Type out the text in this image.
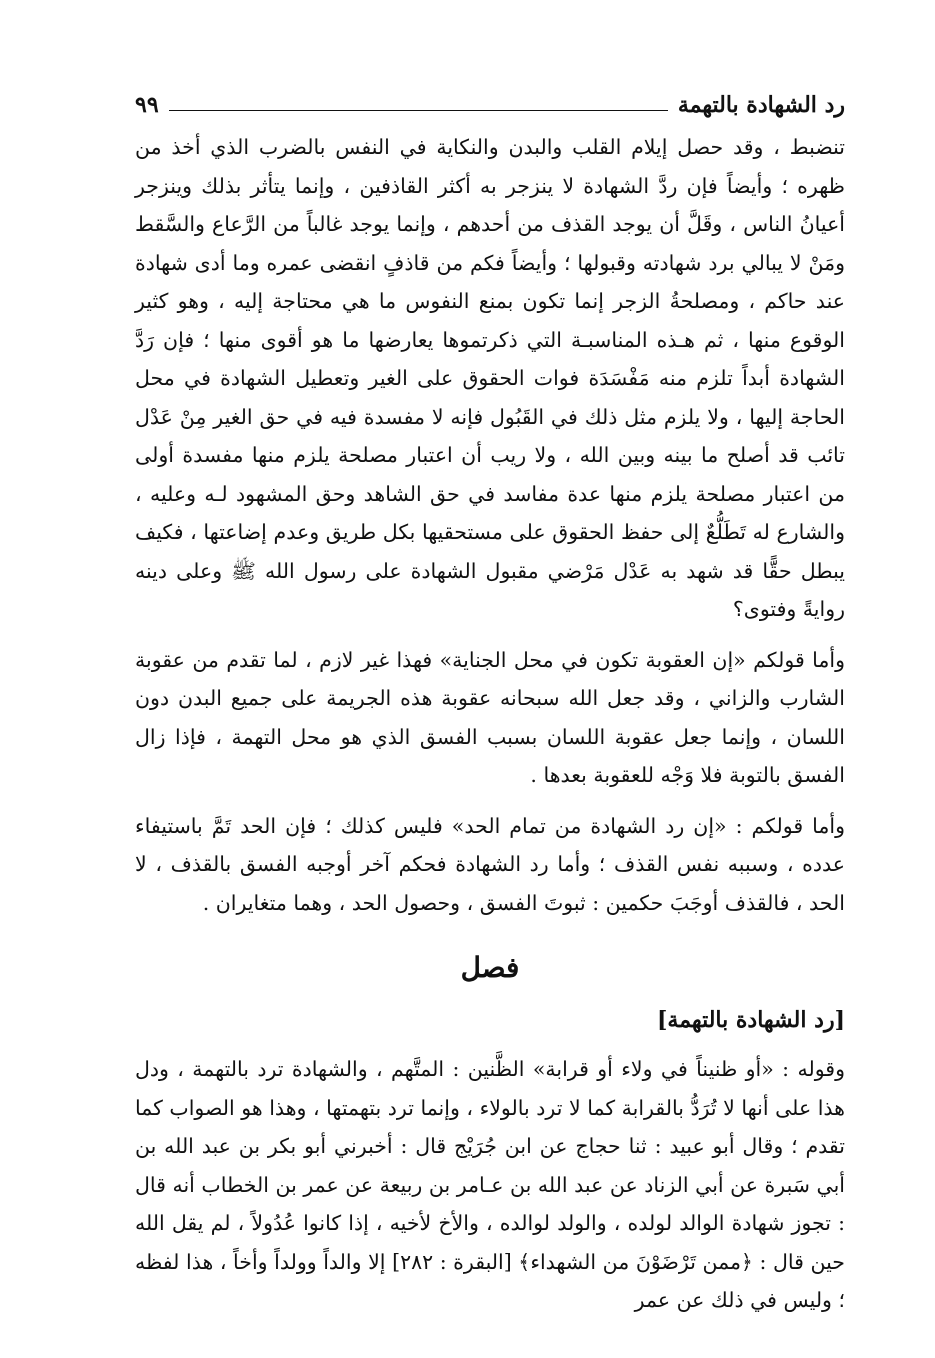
رد الشهادة بالتهمة
٩٩

تنضبط ، وقد حصل إيلام القلب والبدن والنكاية في النفس بالضرب الذي أخذ من ظهره ؛ وأيضاً فإن ردَّ الشهادة لا ينزجر به أكثر القاذفين ، وإنما يتأثر بذلك وينزجر أعيانُ الناس ، وقَلَّ أن يوجد القذف من أحدهم ، وإنما يوجد غالباً من الرَّعاع والسَّقط ومَنْ لا يبالي برد شهادته وقبولها ؛ وأيضاً فكم من قاذفٍ انقضى عمره وما أدى شهادة عند حاكم ، ومصلحةُ الزجر إنما تكون بمنع النفوس ما هي محتاجة إليه ، وهو كثير الوقوع منها ، ثم هـذه المناسبـة التي ذكرتموها يعارضها ما هو أقوى منها ؛ فإن رَدَّ الشهادة أبداً تلزم منه مَفْسَدَة فوات الحقوق على الغير وتعطيل الشهادة في محل الحاجة إليها ، ولا يلزم مثل ذلك في القَبُول فإنه لا مفسدة فيه في حق الغير مِنْ عَدْل تائب قد أصلح ما بينه وبين الله ، ولا ريب أن اعتبار مصلحة يلزم منها مفسدة أولى من اعتبار مصلحة يلزم منها عدة مفاسد في حق الشاهد وحق المشهود لـه وعليه ، والشارع له تَطَلُّعٌ إلى حفظ الحقوق على مستحقيها بكل طريق وعدم إضاعتها ، فكيف يبطل حقًّا قد شهد به عَدْل مَرْضي مقبول الشهادة على رسول الله ﷺ وعلى دينه روايةً وفتوى؟

وأما قولكم «إن العقوبة تكون في محل الجناية» فهذا غير لازم ، لما تقدم من عقوبة الشارب والزاني ، وقد جعل الله سبحانه عقوبة هذه الجريمة على جميع البدن دون اللسان ، وإنما جعل عقوبة اللسان بسبب الفسق الذي هو محل التهمة ، فإذا زال الفسق بالتوبة فلا وَجْه للعقوبة بعدها .

وأما قولكم : «إن رد الشهادة من تمام الحد» فليس كذلك ؛ فإن الحد تَمَّ باستيفاء عدده ، وسببه نفس القذف ؛ وأما رد الشهادة فحكم آخر أوجبه الفسق بالقذف ، لا الحد ، فالقذف أوجَبَ حكمين : ثبوتَ الفسق ، وحصول الحد ، وهما متغايران .

فصل
[رد الشهادة بالتهمة]

وقوله : «أو ظنيناً في ولاء أو قرابة» الظَّنين : المتَّهم ، والشهادة ترد بالتهمة ، ودل هذا على أنها لا تُرَدُّ بالقرابة كما لا ترد بالولاء ، وإنما ترد بتهمتها ، وهذا هو الصواب كما تقدم ؛ وقال أبو عبيد : ثنا حجاج عن ابن جُرَيْج قال : أخبرني أبو بكر بن عبد الله بن أبي سَبرة عن أبي الزناد عن عبد الله بن عـامر بن ربيعة عن عمر بن الخطاب أنه قال : تجوز شهادة الوالد لولده ، والولد لوالده ، والأخ لأخيه ، إذا كانوا عُدُولاً ، لم يقل الله حين قال : ﴿ممن تَرْضَوْنَ من الشهداء﴾ [البقرة : ٢٨٢] إلا والداً وولداً وأخاً ، هذا لفظه ؛ وليس في ذلك عن عمر
